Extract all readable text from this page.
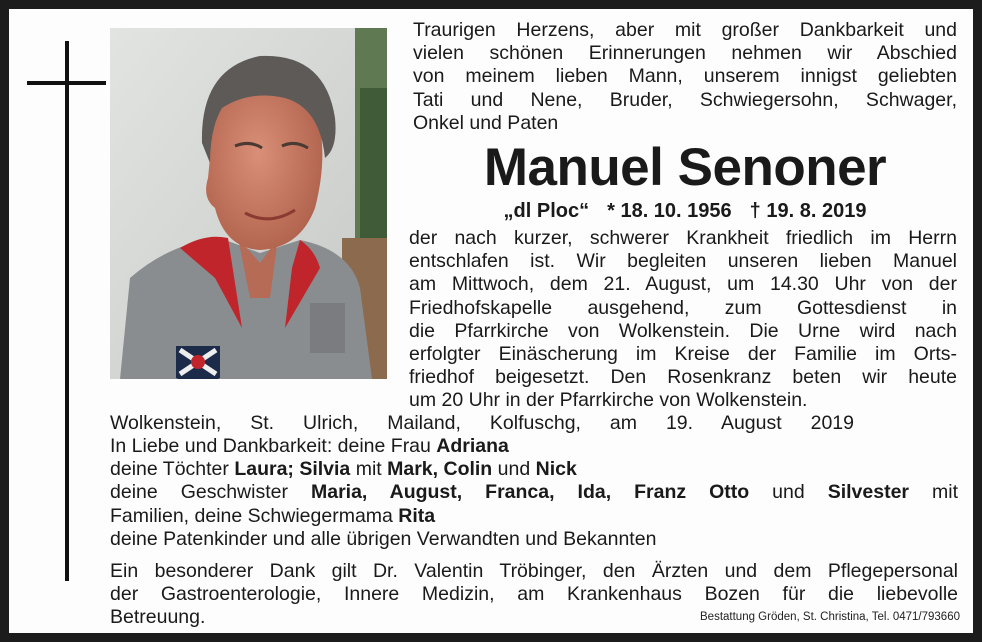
Traurigen Herzens, aber mit großer Dankbarkeit und
vielen schönen Erinnerungen nehmen wir Abschied
von meinem lieben Mann, unserem innigst geliebten
Tati und Nene, Bruder, Schwiegersohn, Schwager,
Onkel und Paten
Manuel Senoner
„dl Ploc“ * 18. 10. 1956 † 19. 8. 2019
der nach kurzer, schwerer Krankheit friedlich im Herrn
entschlafen ist. Wir begleiten unseren lieben Manuel
am Mittwoch, dem 21. August, um 14.30 Uhr von der
Friedhofskapelle ausgehend, zum Gottesdienst in
die Pfarrkirche von Wolkenstein. Die Urne wird nach
erfolgter Einäscherung im Kreise der Familie im Orts-
friedhof beigesetzt. Den Rosenkranz beten wir heute
um 20 Uhr in der Pfarrkirche von Wolkenstein.
Wolkenstein, St. Ulrich, Mailand, Kolfuschg, am 19. August 2019
In Liebe und Dankbarkeit: deine Frau Adriana
deine Töchter Laura; Silvia mit Mark, Colin und Nick
deine Geschwister Maria, August, Franca, Ida, Franz Otto und Silvester mit
Familien, deine Schwiegermama Rita
deine Patenkinder und alle übrigen Verwandten und Bekannten
Ein besonderer Dank gilt Dr. Valentin Tröbinger, den Ärzten und dem Pflegepersonal
der Gastroenterologie, Innere Medizin, am Krankenhaus Bozen für die liebevolle
Betreuung.	Bestattung Gröden, St. Christina, Tel. 0471/793660
